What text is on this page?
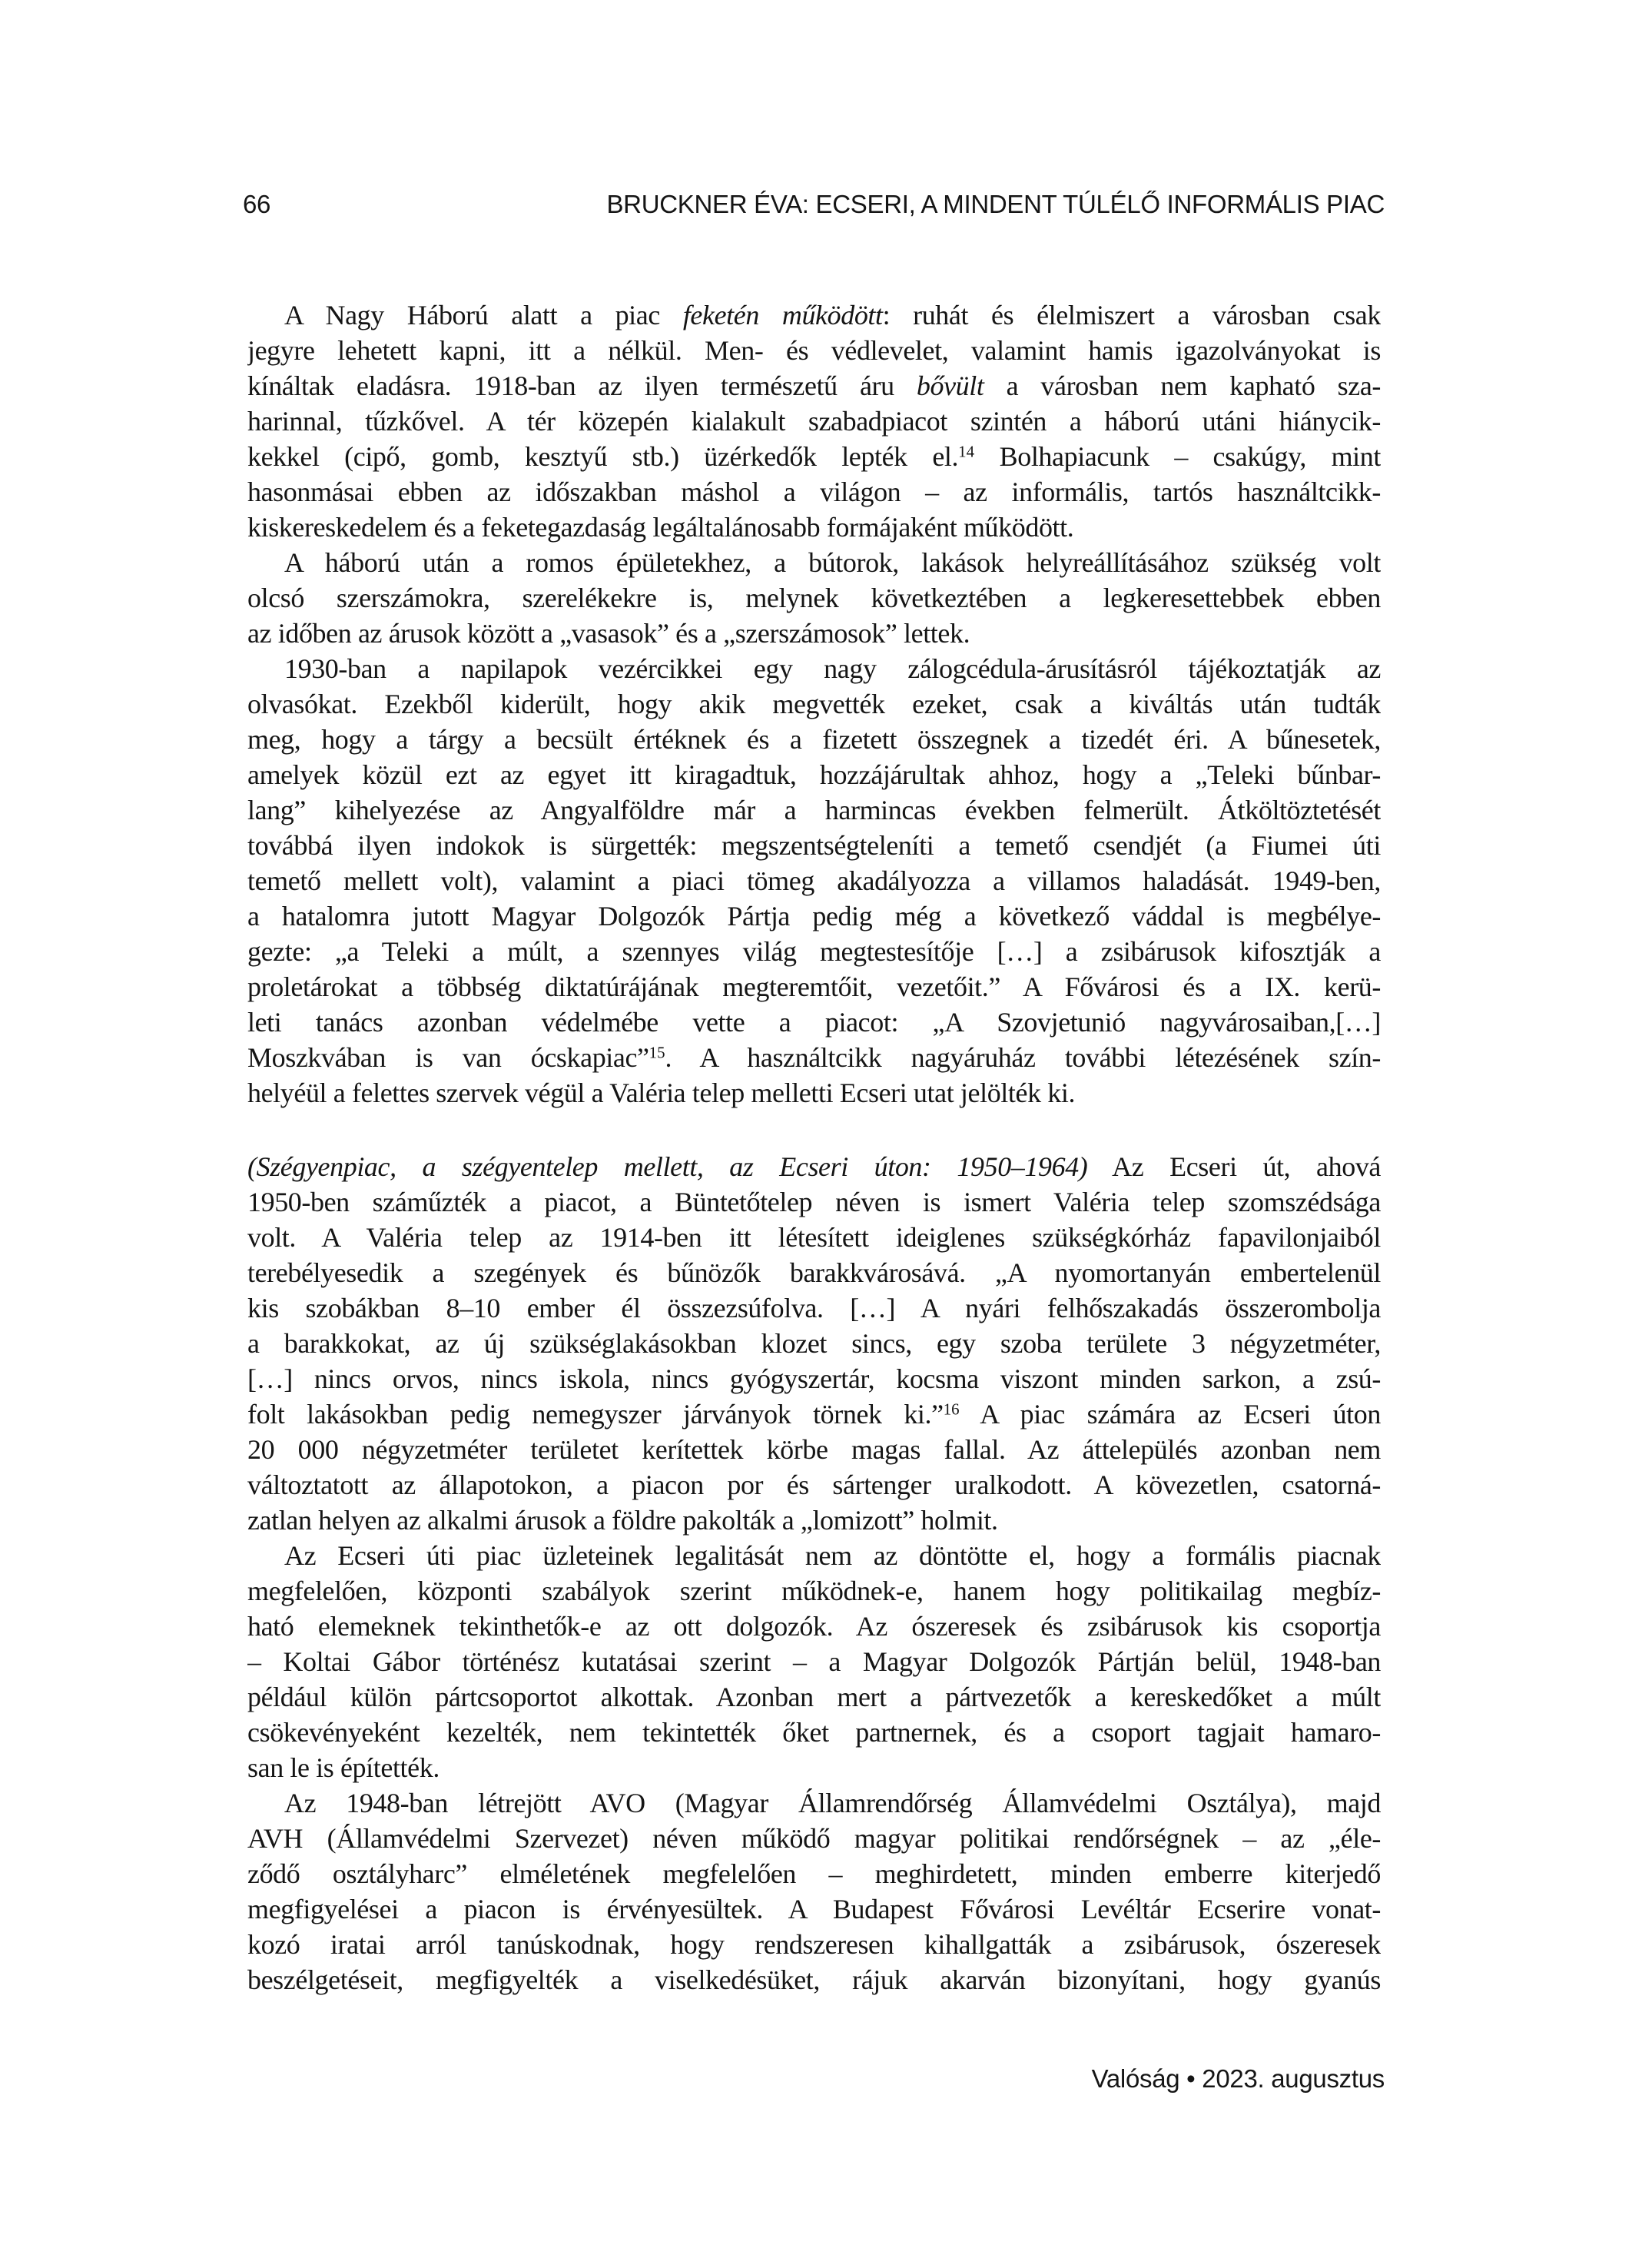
66	BRUCKNER ÉVA: ECSERI, A MINDENT TÚLÉLŐ INFORMÁLIS PIAC
A Nagy Háború alatt a piac feketén működött: ruhát és élelmiszert a városban csak
jegyre lehetett kapni, itt a nélkül. Men- és védlevelet, valamint hamis igazolványokat is
kínáltak eladásra. 1918-ban az ilyen természetű áru bővült a városban nem kapható sza-
harinnal, tűzkővel. A tér közepén kialakult szabadpiacot szintén a háború utáni hiánycik-
kekkel (cipő, gomb, kesztyű stb.) üzérkedők lepték el.$^{14}$ Bolhapiacunk – csakúgy, mint
hasonmásai ebben az időszakban máshol a világon – az informális, tartós használtcikk-
kiskereskedelem és a feketegazdaság legáltalánosabb formájaként működött.
A háború után a romos épületekhez, a bútorok, lakások helyreállításához szükség volt
olcsó szerszámokra, szerelékekre is, melynek következtében a legkeresettebbek ebben
az időben az árusok között a „vasasok” és a „szerszámosok” lettek.
1930-ban a napilapok vezércikkei egy nagy zálogcédula-árusításról tájékoztatják az
olvasókat. Ezekből kiderült, hogy akik megvették ezeket, csak a kiváltás után tudták
meg, hogy a tárgy a becsült értéknek és a fizetett összegnek a tizedét éri. A bűnesetek,
amelyek közül ezt az egyet itt kiragadtuk, hozzájárultak ahhoz, hogy a „Teleki bűnbar-
lang” kihelyezése az Angyalföldre már a harmincas években felmerült. Átköltöztetését
továbbá ilyen indokok is sürgették: megszentségteleníti a temető csendjét (a Fiumei úti
temető mellett volt), valamint a piaci tömeg akadályozza a villamos haladását. 1949-ben,
a hatalomra jutott Magyar Dolgozók Pártja pedig még a következő váddal is megbélye-
gezte: „a Teleki a múlt, a szennyes világ megtestesítője […] a zsibárusok kifosztják a
proletárokat a többség diktatúrájának megteremtőit, vezetőit.” A Fővárosi és a IX. kerü-
leti tanács azonban védelmébe vette a piacot: „A Szovjetunió nagyvárosaiban,[…]
Moszkvában is van ócskapiac”$^{15}$. A használtcikk nagyáruház további létezésének szín-
helyéül a felettes szervek végül a Valéria telep melletti Ecseri utat jelölték ki.
(Szégyenpiac, a szégyentelep mellett, az Ecseri úton: 1950–1964) Az Ecseri út, ahová
1950-ben száműzték a piacot, a Büntetőtelep néven is ismert Valéria telep szomszédsága
volt. A Valéria telep az 1914-ben itt létesített ideiglenes szükségkórház fapavilonjaiból
terebélyesedik a szegények és bűnözők barakkvárosává. „A nyomortanyán embertelenül
kis szobákban 8–10 ember él összezsúfolva. […] A nyári felhőszakadás összerombolja
a barakkokat, az új szükséglakásokban klozet sincs, egy szoba területe 3 négyzetméter,
[…] nincs orvos, nincs iskola, nincs gyógyszertár, kocsma viszont minden sarkon, a zsú-
folt lakásokban pedig nemegyszer járványok törnek ki.”$^{16}$ A piac számára az Ecseri úton
20 000 négyzetméter területet kerítettek körbe magas fallal. Az áttelepülés azonban nem
változtatott az állapotokon, a piacon por és sártenger uralkodott. A kövezetlen, csatorná-
zatlan helyen az alkalmi árusok a földre pakolták a „lomizott” holmit.
Az Ecseri úti piac üzleteinek legalitását nem az döntötte el, hogy a formális piacnak
megfelelően, központi szabályok szerint működnek-e, hanem hogy politikailag megbíz-
ható elemeknek tekinthetők-e az ott dolgozók. Az ószeresek és zsibárusok kis csoportja
– Koltai Gábor történész kutatásai szerint – a Magyar Dolgozók Pártján belül, 1948-ban
például külön pártcsoportot alkottak. Azonban mert a pártvezetők a kereskedőket a múlt
csökevényeként kezelték, nem tekintették őket partnernek, és a csoport tagjait hamaro-
san le is építették.
Az 1948-ban létrejött AVO (Magyar Államrendőrség Államvédelmi Osztálya), majd
AVH (Államvédelmi Szervezet) néven működő magyar politikai rendőrségnek – az „éle-
ződő osztályharc” elméletének megfelelően – meghirdetett, minden emberre kiterjedő
megfigyelései a piacon is érvényesültek. A Budapest Fővárosi Levéltár Ecserire vonat-
kozó iratai arról tanúskodnak, hogy rendszeresen kihallgatták a zsibárusok, ószeresek
beszélgetéseit, megfigyelték a viselkedésüket, rájuk akarván bizonyítani, hogy gyanús
Valóság • 2023. augusztus
